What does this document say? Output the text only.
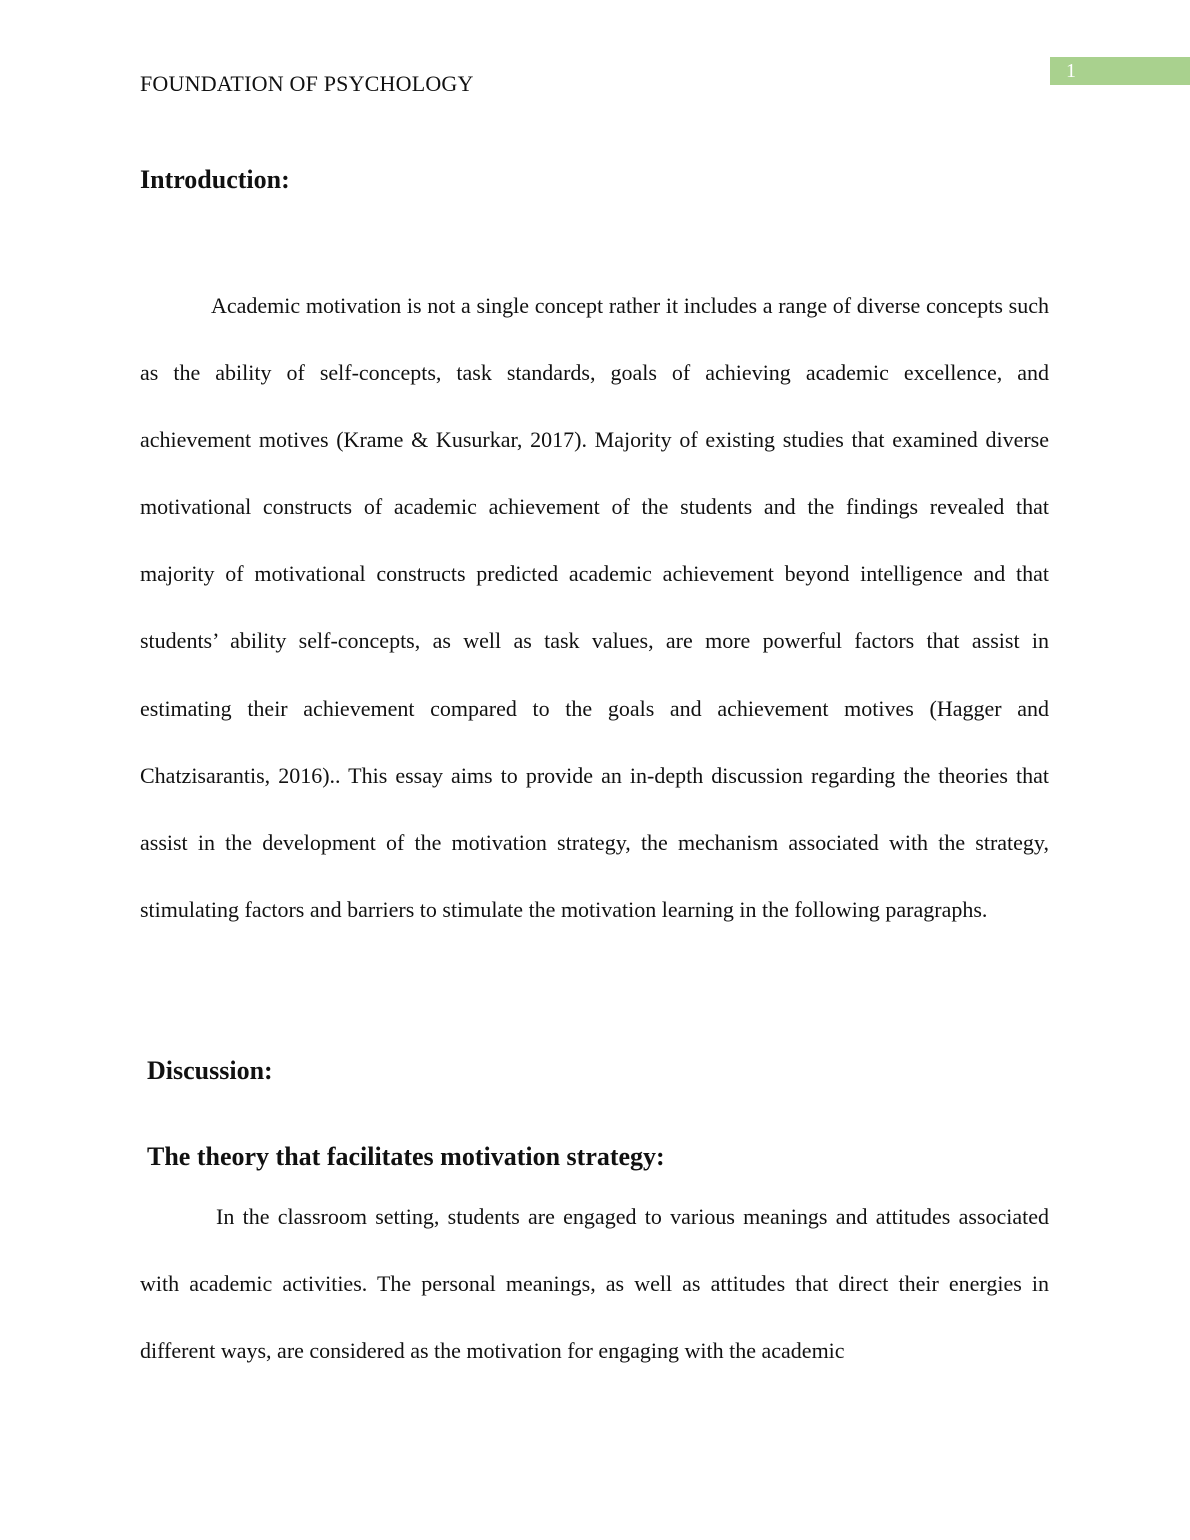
1
FOUNDATION OF PSYCHOLOGY
Introduction:

Academic motivation is not a single concept rather it includes a range of diverse concepts such as the ability of self-concepts, task standards, goals of achieving academic excellence, and achievement motives (Krame & Kusurkar, 2017). Majority of existing studies that examined diverse motivational constructs of academic achievement of the students and the findings revealed that majority of motivational constructs predicted academic achievement beyond intelligence and that students’ ability self-concepts, as well as task values, are more powerful factors that assist in estimating their achievement compared to the goals and achievement motives (Hagger and Chatzisarantis, 2016).. This essay aims to provide an in-depth discussion regarding the theories that assist in the development of the motivation strategy, the mechanism associated with the strategy, stimulating factors and barriers to stimulate the motivation learning in the following paragraphs.

Discussion:
The theory that facilitates motivation strategy:

In the classroom setting, students are engaged to various meanings and attitudes associated with academic activities. The personal meanings, as well as attitudes that direct their energies in different ways, are considered as the motivation for engaging with the academic
